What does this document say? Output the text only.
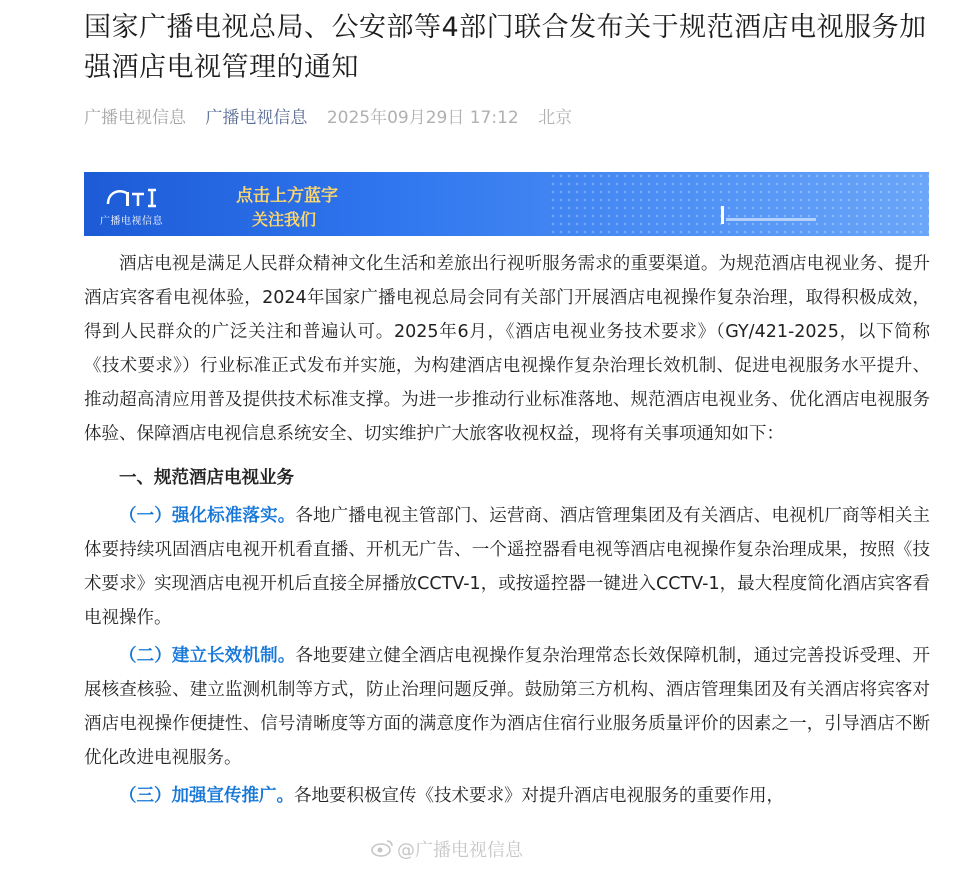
国家广播电视总局、公安部等4部门联合发布关于规范酒店电视服务加强酒店电视管理的通知
广播电视信息 广播电视信息 2025年09月29日 17:12 北京
广播电视信息
点击上方蓝字
关注我们

酒店电视是满足人民群众精神文化生活和差旅出行视听服务需求的重要渠道。为规范酒店电视业务、提升酒店宾客看电视体验，2024年国家广播电视总局会同有关部门开展酒店电视操作复杂治理，取得积极成效，得到人民群众的广泛关注和普遍认可。2025年6月，《酒店电视业务技术要求》（GY/421-2025，以下简称《技术要求》）行业标准正式发布并实施，为构建酒店电视操作复杂治理长效机制、促进电视服务水平提升、推动超高清应用普及提供技术标准支撑。为进一步推动行业标准落地、规范酒店电视业务、优化酒店电视服务体验、保障酒店电视信息系统安全、切实维护广大旅客收视权益，现将有关事项通知如下：

一、规范酒店电视业务

（一）强化标准落实。各地广播电视主管部门、运营商、酒店管理集团及有关酒店、电视机厂商等相关主体要持续巩固酒店电视开机看直播、开机无广告、一个遥控器看电视等酒店电视操作复杂治理成果，按照《技术要求》实现酒店电视开机后直接全屏播放CCTV-1，或按遥控器一键进入CCTV-1，最大程度简化酒店宾客看电视操作。

（二）建立长效机制。各地要建立健全酒店电视操作复杂治理常态长效保障机制，通过完善投诉受理、开展核查核验、建立监测机制等方式，防止治理问题反弹。鼓励第三方机构、酒店管理集团及有关酒店将宾客对酒店电视操作便捷性、信号清晰度等方面的满意度作为酒店住宿行业服务质量评价的因素之一，引导酒店不断优化改进电视服务。

（三）加强宣传推广。各地要积极宣传《技术要求》对提升酒店电视服务的重要作用，

@广播电视信息
